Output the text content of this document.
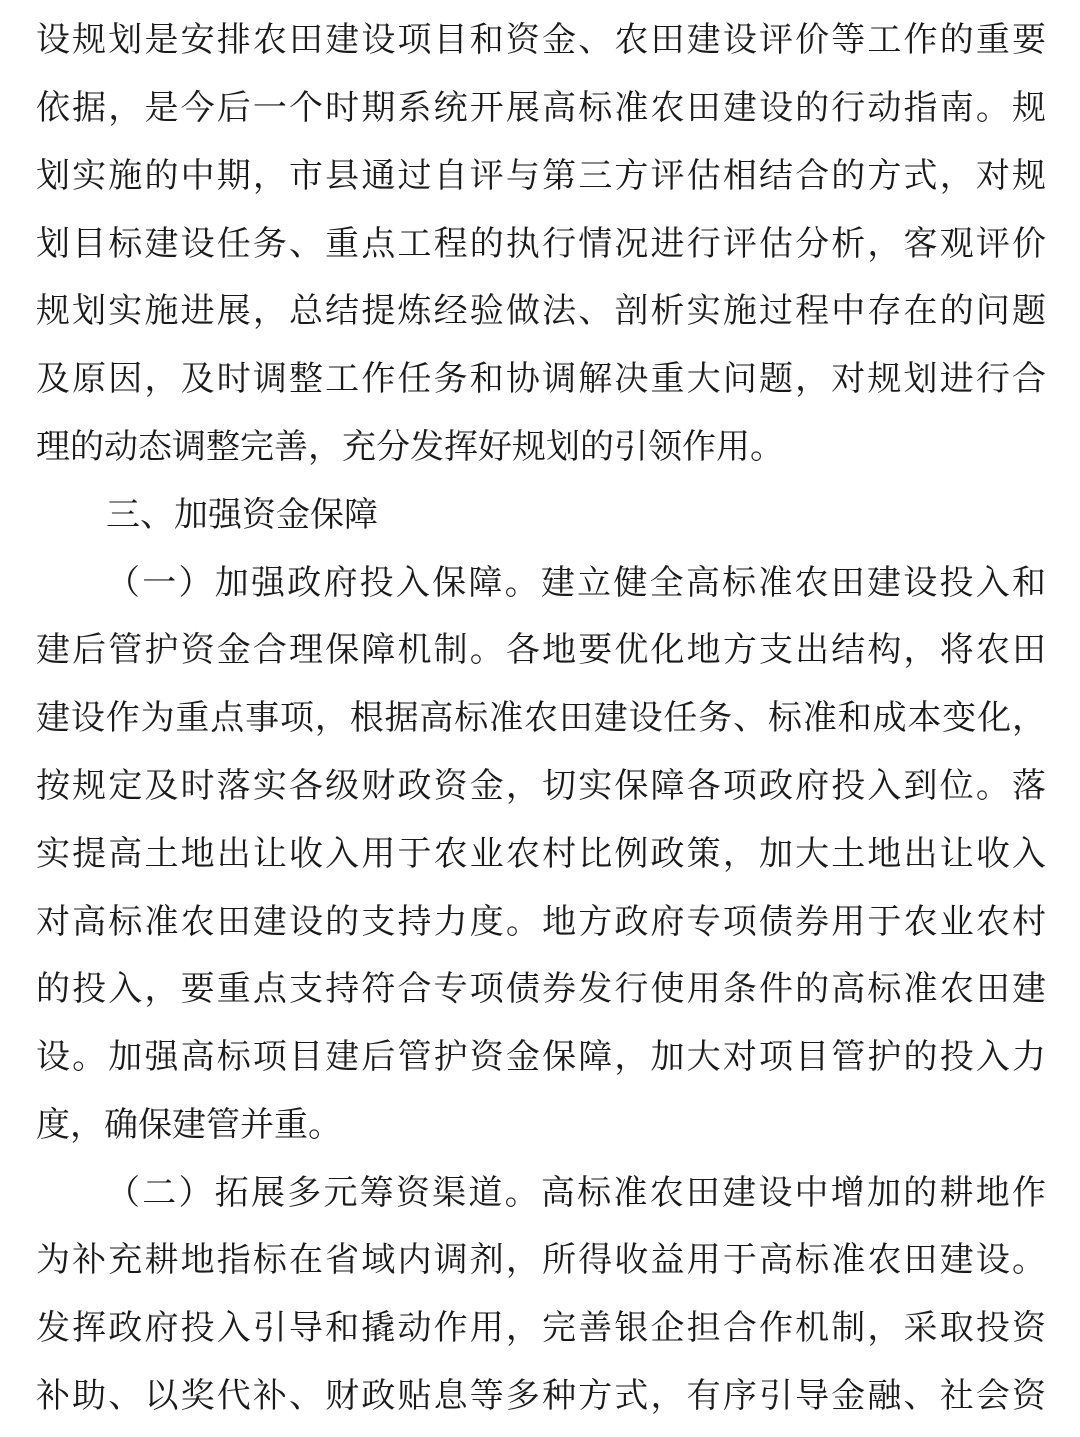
设规划是安排农田建设项目和资金、农田建设评价等工作的重要
依据，是今后一个时期系统开展高标准农田建设的行动指南。规
划实施的中期，市县通过自评与第三方评估相结合的方式，对规
划目标建设任务、重点工程的执行情况进行评估分析，客观评价
规划实施进展，总结提炼经验做法、剖析实施过程中存在的问题
及原因，及时调整工作任务和协调解决重大问题，对规划进行合
理的动态调整完善，充分发挥好规划的引领作用。
三、加强资金保障
（一）加强政府投入保障。建立健全高标准农田建设投入和
建后管护资金合理保障机制。各地要优化地方支出结构，将农田
建设作为重点事项，根据高标准农田建设任务、标准和成本变化，
按规定及时落实各级财政资金，切实保障各项政府投入到位。落
实提高土地出让收入用于农业农村比例政策，加大土地出让收入
对高标准农田建设的支持力度。地方政府专项债券用于农业农村
的投入，要重点支持符合专项债券发行使用条件的高标准农田建
设。加强高标项目建后管护资金保障，加大对项目管护的投入力
度，确保建管并重。
（二）拓展多元筹资渠道。高标准农田建设中增加的耕地作
为补充耕地指标在省域内调剂，所得收益用于高标准农田建设。
发挥政府投入引导和撬动作用，完善银企担合作机制，采取投资
补助、以奖代补、财政贴息等多种方式，有序引导金融、社会资
